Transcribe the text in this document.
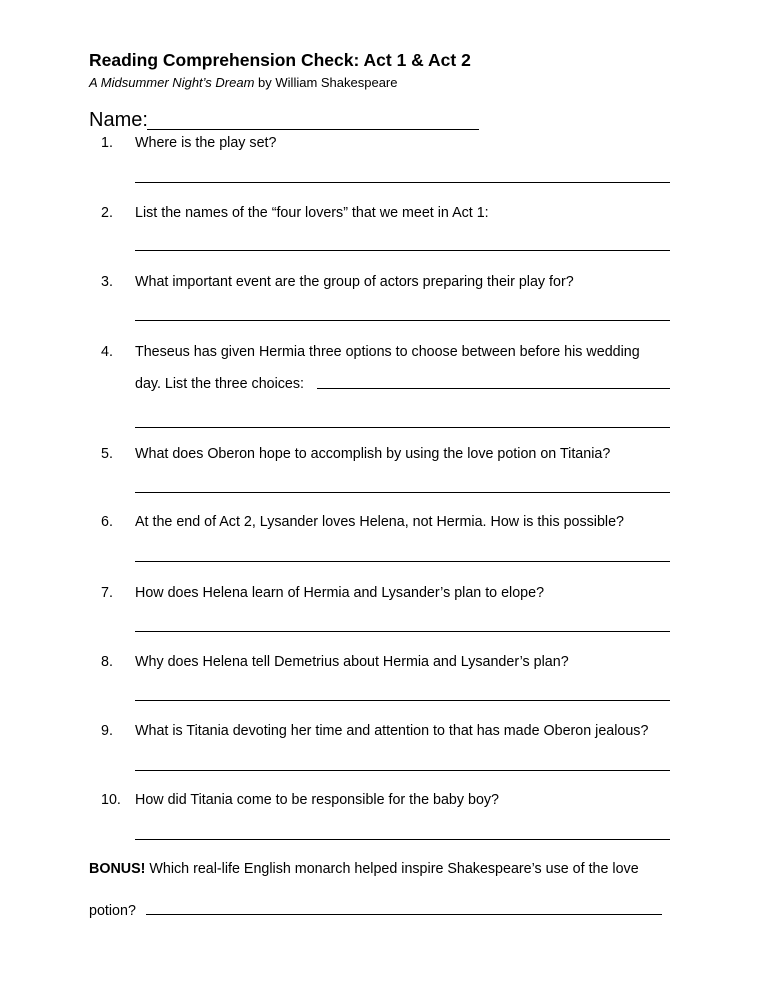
Reading Comprehension Check: Act 1 & Act 2
A Midsummer Night’s Dream by William Shakespeare
Name:
1.	Where is the play set?
2.	List the names of the “four lovers” that we meet in Act 1:
3.	What important event are the group of actors preparing their play for?
4.	Theseus has given Hermia three options to choose between before his wedding
day. List the three choices:
5.	What does Oberon hope to accomplish by using the love potion on Titania?
6.	At the end of Act 2, Lysander loves Helena, not Hermia. How is this possible?
7.	How does Helena learn of Hermia and Lysander’s plan to elope?
8.	Why does Helena tell Demetrius about Hermia and Lysander’s plan?
9.	What is Titania devoting her time and attention to that has made Oberon jealous?
10. How did Titania come to be responsible for the baby boy?
BONUS! Which real-life English monarch helped inspire Shakespeare’s use of the love
potion?
